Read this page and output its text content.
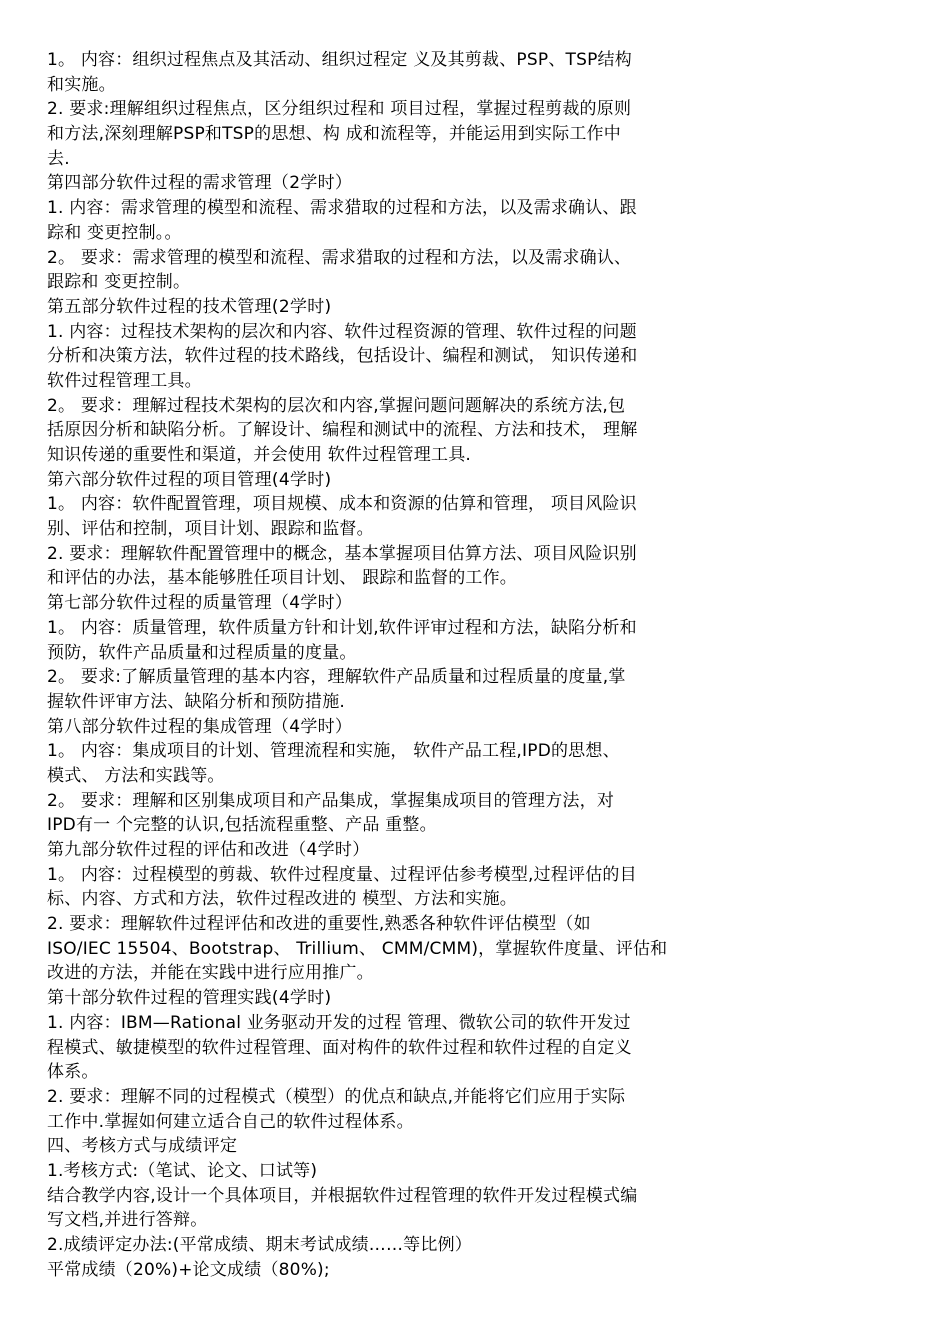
1。 内容：组织过程焦点及其活动、组织过程定 义及其剪裁、PSP、TSP结构
和实施。
2. 要求:理解组织过程焦点，区分组织过程和 项目过程，掌握过程剪裁的原则
和方法,深刻理解PSP和TSP的思想、构 成和流程等，并能运用到实际工作中
去.
第四部分软件过程的需求管理（2学时）
1. 内容：需求管理的模型和流程、需求猎取的过程和方法，以及需求确认、跟
踪和 变更控制。。
2。 要求：需求管理的模型和流程、需求猎取的过程和方法，以及需求确认、
跟踪和 变更控制。
第五部分软件过程的技术管理(2学时)
1. 内容：过程技术架构的层次和内容、软件过程资源的管理、软件过程的问题
分析和决策方法，软件过程的技术路线，包括设计、编程和测试， 知识传递和
软件过程管理工具。
2。 要求：理解过程技术架构的层次和内容,掌握问题问题解决的系统方法,包
括原因分析和缺陷分析。了解设计、编程和测试中的流程、方法和技术， 理解
知识传递的重要性和渠道，并会使用 软件过程管理工具.
第六部分软件过程的项目管理(4学时)
1。 内容：软件配置管理，项目规模、成本和资源的估算和管理， 项目风险识
别、评估和控制，项目计划、跟踪和监督。
2. 要求：理解软件配置管理中的概念，基本掌握项目估算方法、项目风险识别
和评估的办法，基本能够胜任项目计划、 跟踪和监督的工作。
第七部分软件过程的质量管理（4学时）
1。 内容：质量管理，软件质量方针和计划,软件评审过程和方法，缺陷分析和
预防，软件产品质量和过程质量的度量。
2。 要求:了解质量管理的基本内容，理解软件产品质量和过程质量的度量,掌
握软件评审方法、缺陷分析和预防措施.
第八部分软件过程的集成管理（4学时）
1。 内容：集成项目的计划、管理流程和实施， 软件产品工程,IPD的思想、
模式、 方法和实践等。
2。 要求：理解和区别集成项目和产品集成，掌握集成项目的管理方法，对
IPD有一 个完整的认识,包括流程重整、产品 重整。
第九部分软件过程的评估和改进（4学时）
1。 内容：过程模型的剪裁、软件过程度量、过程评估参考模型,过程评估的目
标、内容、方式和方法，软件过程改进的 模型、方法和实施。
2. 要求：理解软件过程评估和改进的重要性,熟悉各种软件评估模型（如
ISO/IEC 15504、Bootstrap、 Trillium、 CMM/CMM)，掌握软件度量、评估和
改进的方法，并能在实践中进行应用推广。
第十部分软件过程的管理实践(4学时)
1. 内容：IBM—Rational 业务驱动开发的过程 管理、微软公司的软件开发过
程模式、敏捷模型的软件过程管理、面对构件的软件过程和软件过程的自定义
体系。
2. 要求：理解不同的过程模式（模型）的优点和缺点,并能将它们应用于实际
工作中.掌握如何建立适合自己的软件过程体系。
四、考核方式与成绩评定
1.考核方式:（笔试、论文、口试等)
结合教学内容,设计一个具体项目，并根据软件过程管理的软件开发过程模式编
写文档,并进行答辩。
2.成绩评定办法:(平常成绩、期末考试成绩……等比例）
平常成绩（20%)+论文成绩（80%);
